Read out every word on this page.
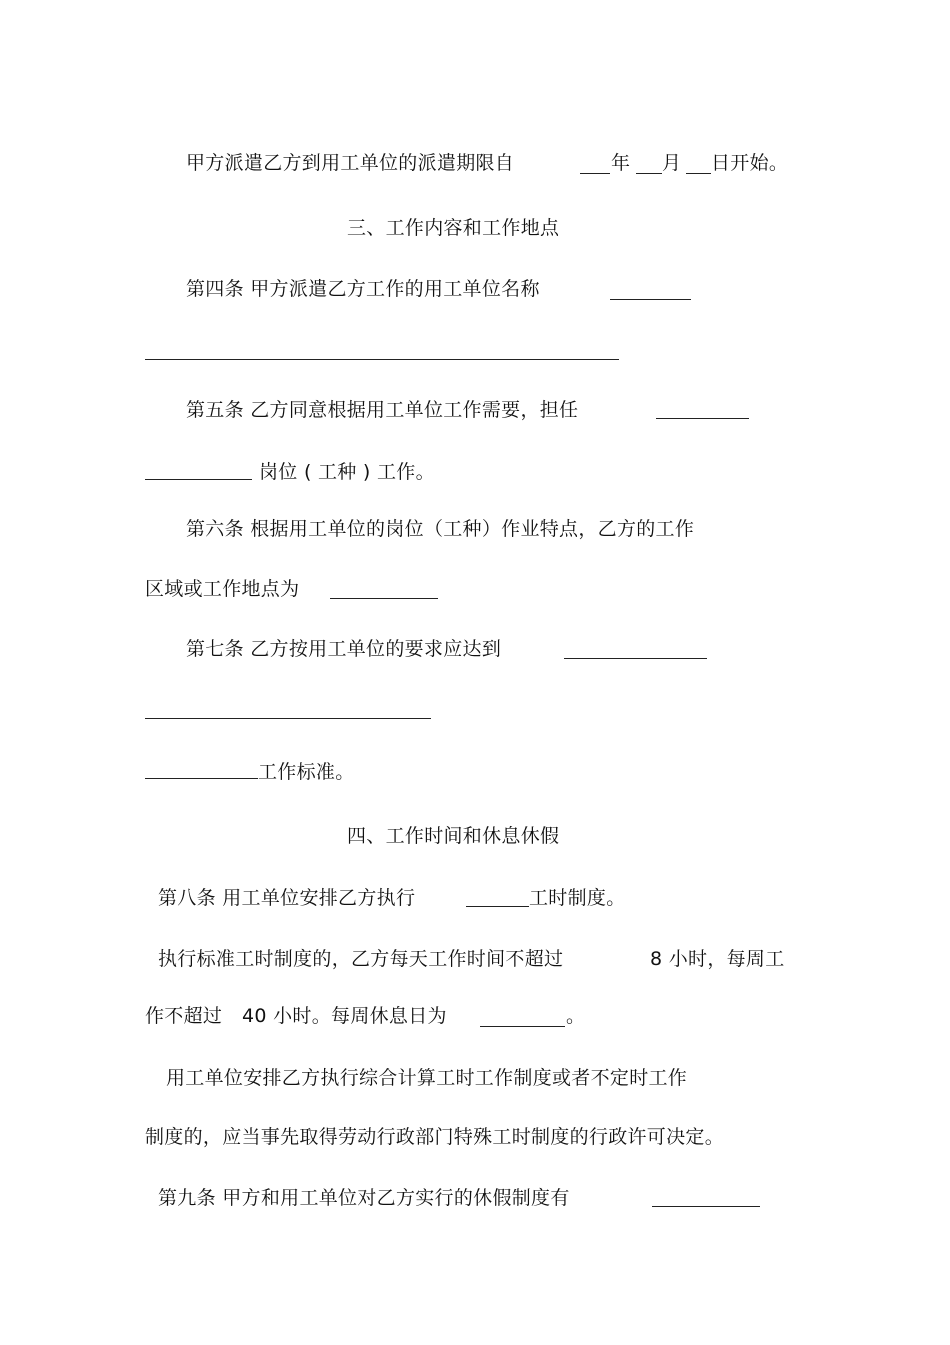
甲方派遣乙方到用工单位的派遣期限自	年 月 日开始。
三、工作内容和工作地点
第四条 甲方派遣乙方工作的用工单位名称
第五条 乙方同意根据用工单位工作需要，担任
岗位 ( 工种 ) 工作。
第六条 根据用工单位的岗位（工种）作业特点，乙方的工作
区域或工作地点为
第七条 乙方按用工单位的要求应达到
工作标准。
四、工作时间和休息休假
第八条 用工单位安排乙方执行	工时制度。
执行标准工时制度的，乙方每天工作时间不超过	8 小时，每周工
作不超过 40 小时。每周休息日为	。
用工单位安排乙方执行综合计算工时工作制度或者不定时工作
制度的，应当事先取得劳动行政部门特殊工时制度的行政许可决定。
第九条 甲方和用工单位对乙方实行的休假制度有
